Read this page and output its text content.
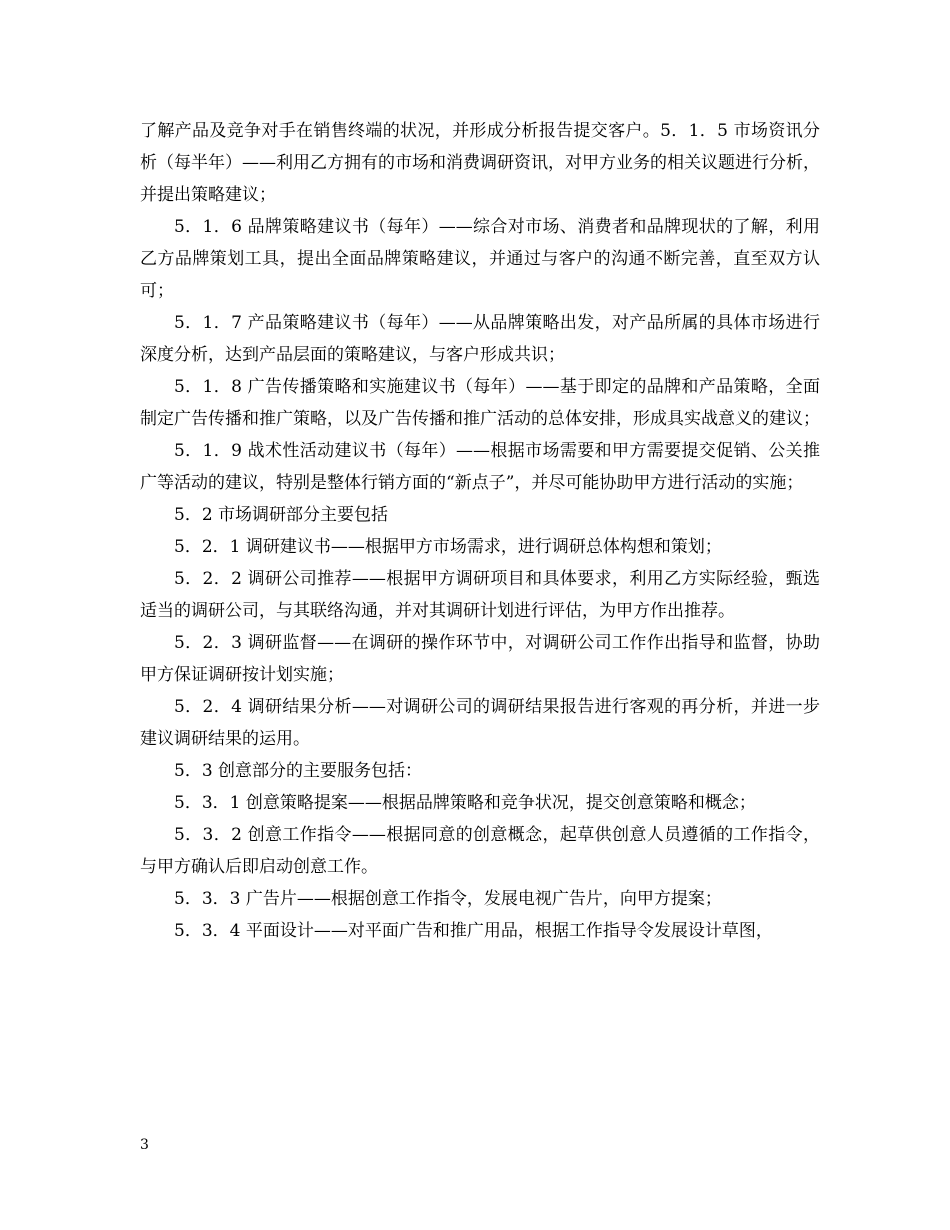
了解产品及竞争对手在销售终端的状况，并形成分析报告提交客户。5．1．5 市场资讯分析（每半年）——利用乙方拥有的市场和消费调研资讯，对甲方业务的相关议题进行分析，并提出策略建议；

5．1．6 品牌策略建议书（每年）——综合对市场、消费者和品牌现状的了解，利用乙方品牌策划工具，提出全面品牌策略建议，并通过与客户的沟通不断完善，直至双方认可；

5．1．7 产品策略建议书（每年）——从品牌策略出发，对产品所属的具体市场进行深度分析，达到产品层面的策略建议，与客户形成共识；

5．1．8 广告传播策略和实施建议书（每年）——基于即定的品牌和产品策略，全面制定广告传播和推广策略，以及广告传播和推广活动的总体安排，形成具实战意义的建议；

5．1．9 战术性活动建议书（每年）——根据市场需要和甲方需要提交促销、公关推广等活动的建议，特别是整体行销方面的“新点子”，并尽可能协助甲方进行活动的实施；

5．2 市场调研部分主要包括

5．2．1 调研建议书——根据甲方市场需求，进行调研总体构想和策划；

5．2．2 调研公司推荐——根据甲方调研项目和具体要求，利用乙方实际经验，甄选适当的调研公司，与其联络沟通，并对其调研计划进行评估，为甲方作出推荐。

5．2．3 调研监督——在调研的操作环节中，对调研公司工作作出指导和监督，协助甲方保证调研按计划实施；

5．2．4 调研结果分析——对调研公司的调研结果报告进行客观的再分析，并进一步建议调研结果的运用。

5．3 创意部分的主要服务包括：

5．3．1 创意策略提案——根据品牌策略和竞争状况，提交创意策略和概念；

5．3．2 创意工作指令——根据同意的创意概念，起草供创意人员遵循的工作指令，与甲方确认后即启动创意工作。

5．3．3 广告片——根据创意工作指令，发展电视广告片，向甲方提案；

5．3．4 平面设计——对平面广告和推广用品，根据工作指导令发展设计草图，

3
